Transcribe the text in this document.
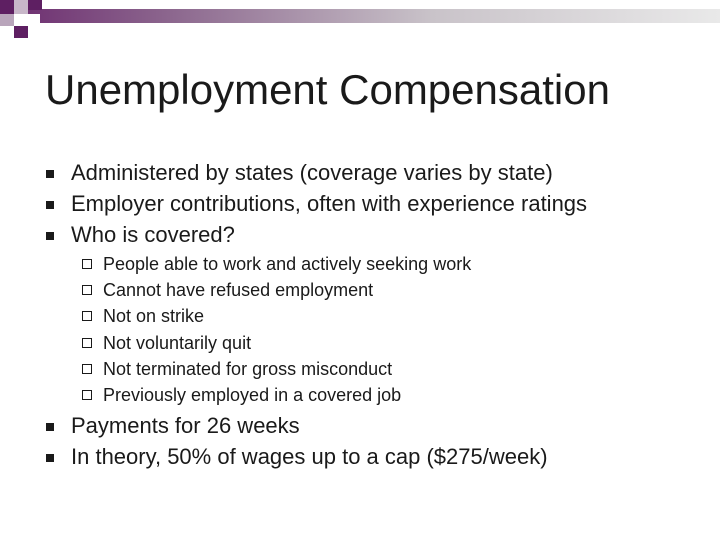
Unemployment Compensation
Administered by states (coverage varies by state)
Employer contributions, often with experience ratings
Who is covered?
People able to work and actively seeking work
Cannot have refused employment
Not on strike
Not voluntarily quit
Not terminated for gross misconduct
Previously employed in a covered job
Payments for 26 weeks
In theory, 50% of wages up to a cap ($275/week)
